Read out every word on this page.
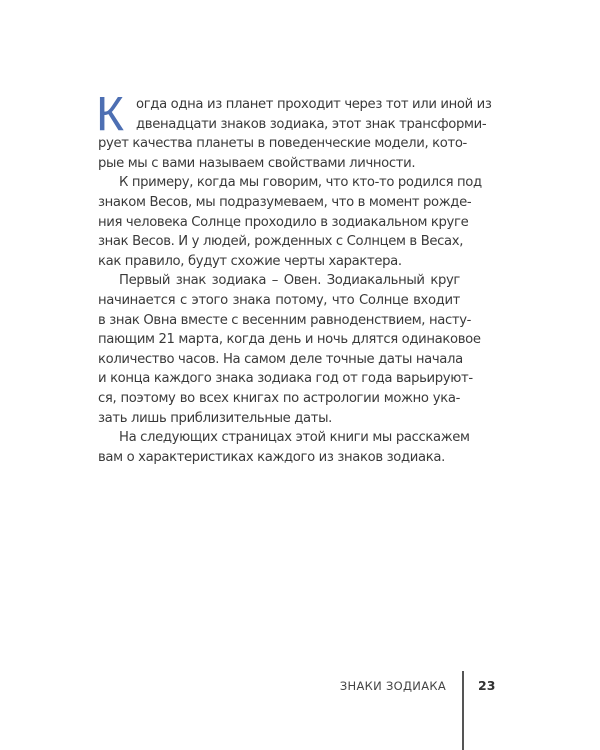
К огда одна из планет проходит через тот или иной из
двенадцати знаков зодиака, этот знак трансформи-
рует качества планеты в поведенческие модели, кото-
рые мы с вами называем свойствами личности.
К примеру, когда мы говорим, что кто-то родился под
знаком Весов, мы подразумеваем, что в момент рожде-
ния человека Солнце проходило в зодиакальном круге
знак Весов. И у людей, рожденных с Солнцем в Весах,
как правило, будут схожие черты характера.
Первый знак зодиака – Овен. Зодиакальный круг
начинается с этого знака потому, что Солнце входит
в знак Овна вместе с весенним равноденствием, насту-
пающим 21 марта, когда день и ночь длятся одинаковое
количество часов. На самом деле точные даты начала
и конца каждого знака зодиака год от года варьируют-
ся, поэтому во всех книгах по астрологии можно ука-
зать лишь приблизительные даты.
На следующих страницах этой книги мы расскажем
вам о характеристиках каждого из знаков зодиака.
ЗНАКИ ЗОДИАКА	23
